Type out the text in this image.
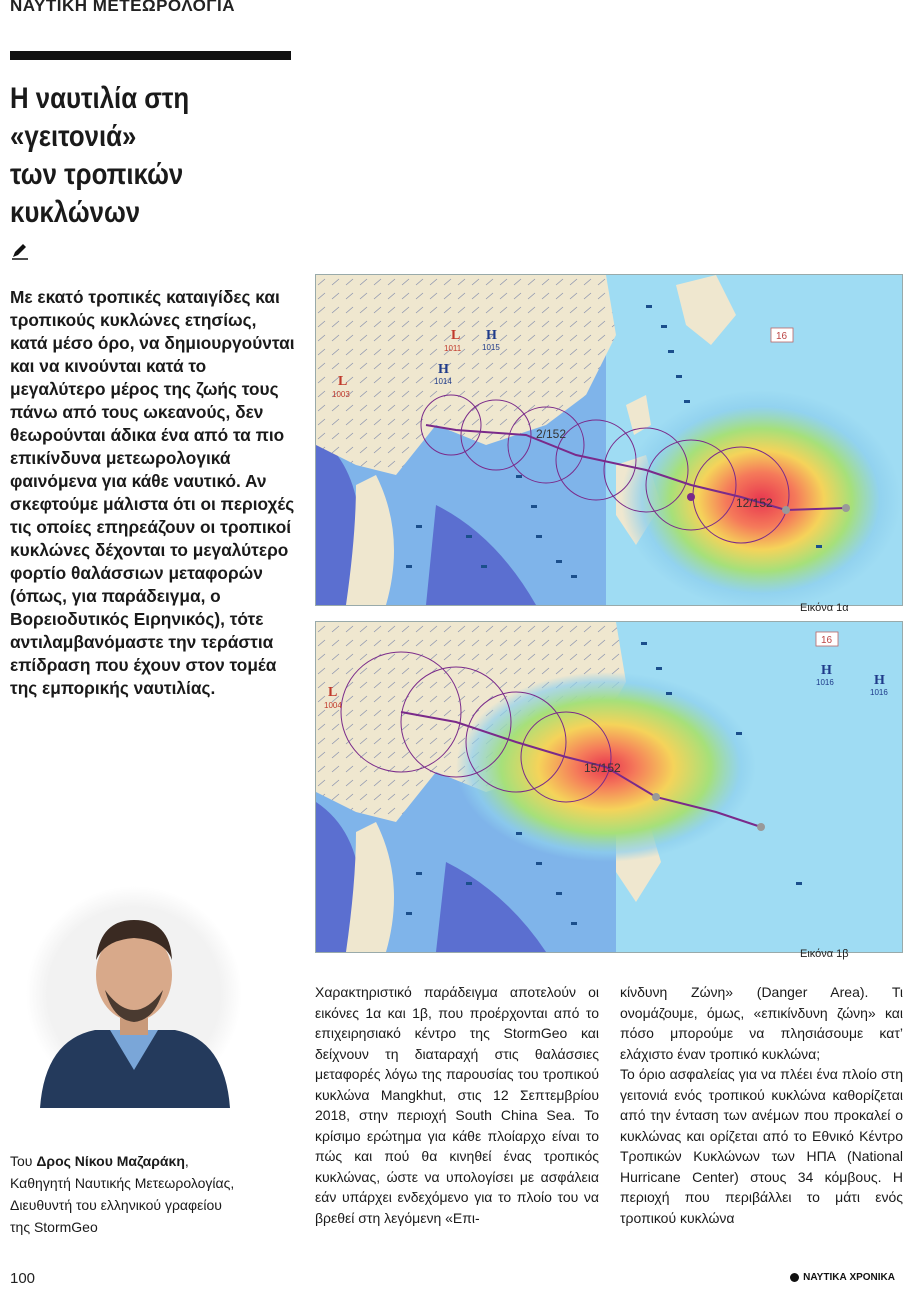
ΝΑΥΤΙΚΗ ΜΕΤΕΩΡΟΛΟΓΙΑ
Η ναυτιλία στη «γειτονιά»
των τροπικών κυκλώνων
Με εκατό τροπικές καταιγίδες και τροπικούς κυκλώνες ετησίως, κατά μέσο όρο, να δημιουργούνται και να κινούνται κατά το μεγαλύτερο μέρος της ζωής τους πάνω από τους ωκεανούς, δεν θεωρούνται άδικα ένα από τα πιο επικίνδυνα μετεωρολογικά φαινόμενα για κάθε ναυτικό. Αν σκεφτούμε μάλιστα ότι οι περιοχές τις οποίες επηρεάζουν οι τροπικοί κυκλώνες δέχονται το μεγαλύτερο φορτίο θαλάσσιων μεταφορών (όπως, για παράδειγμα, ο Βορειοδυτικός Ειρηνικός), τότε αντιλαμβανόμαστε την τεράστια επίδραση που έχουν στον τομέα της εμπορικής ναυτιλίας.
16
L
1011
L
1003
H
1015
H
1014
2/152
12/152
Εικόνα 1α
16
L
1004
H
1016	H
1016
15/152
Εικόνα 1β
Του Δρος Νίκου Μαζαράκη,
Καθηγητή Ναυτικής Μετεωρολογίας,
Διευθυντή του ελληνικού γραφείου
της StormGeo

Χαρακτηριστικό παράδειγμα αποτελούν οι εικόνες 1α και 1β, που προέρχονται από το επιχειρησιακό κέντρο της StormGeo και δείχνουν τη διαταραχή στις θαλάσσιες μεταφορές λόγω της παρουσίας του τροπικού κυκλώνα Mangkhut, στις 12 Σεπτεμβρίου 2018, στην περιοχή South China Sea. Το κρίσιμο ερώτημα για κάθε πλοίαρχο είναι το πώς και πού θα κινηθεί ένας τροπικός κυκλώνας, ώστε να υπολογίσει με ασφάλεια εάν υπάρχει ενδεχόμενο για το πλοίο του να βρεθεί στη λεγόμενη «Επι-

κίνδυνη Ζώνη» (Danger Area). Τι ονομάζουμε, όμως, «επικίνδυνη ζώνη» και πόσο μπορούμε να πλησιάσουμε κατ’ ελάχιστο έναν τροπικό κυκλώνα;

Το όριο ασφαλείας για να πλέει ένα πλοίο στη γειτονιά ενός τροπικού κυκλώνα καθορίζεται από την ένταση των ανέμων που προκαλεί ο κυκλώνας και ορίζεται από το Εθνικό Κέντρο Τροπικών Κυκλώνων των ΗΠΑ (National Hurricane Center) στους 34 κόμβους. Η περιοχή που περιβάλλει το μάτι ενός τροπικού κυκλώνα

100	ΝΑΥΤΙΚΑ ΧΡΟΝΙΚΑ
